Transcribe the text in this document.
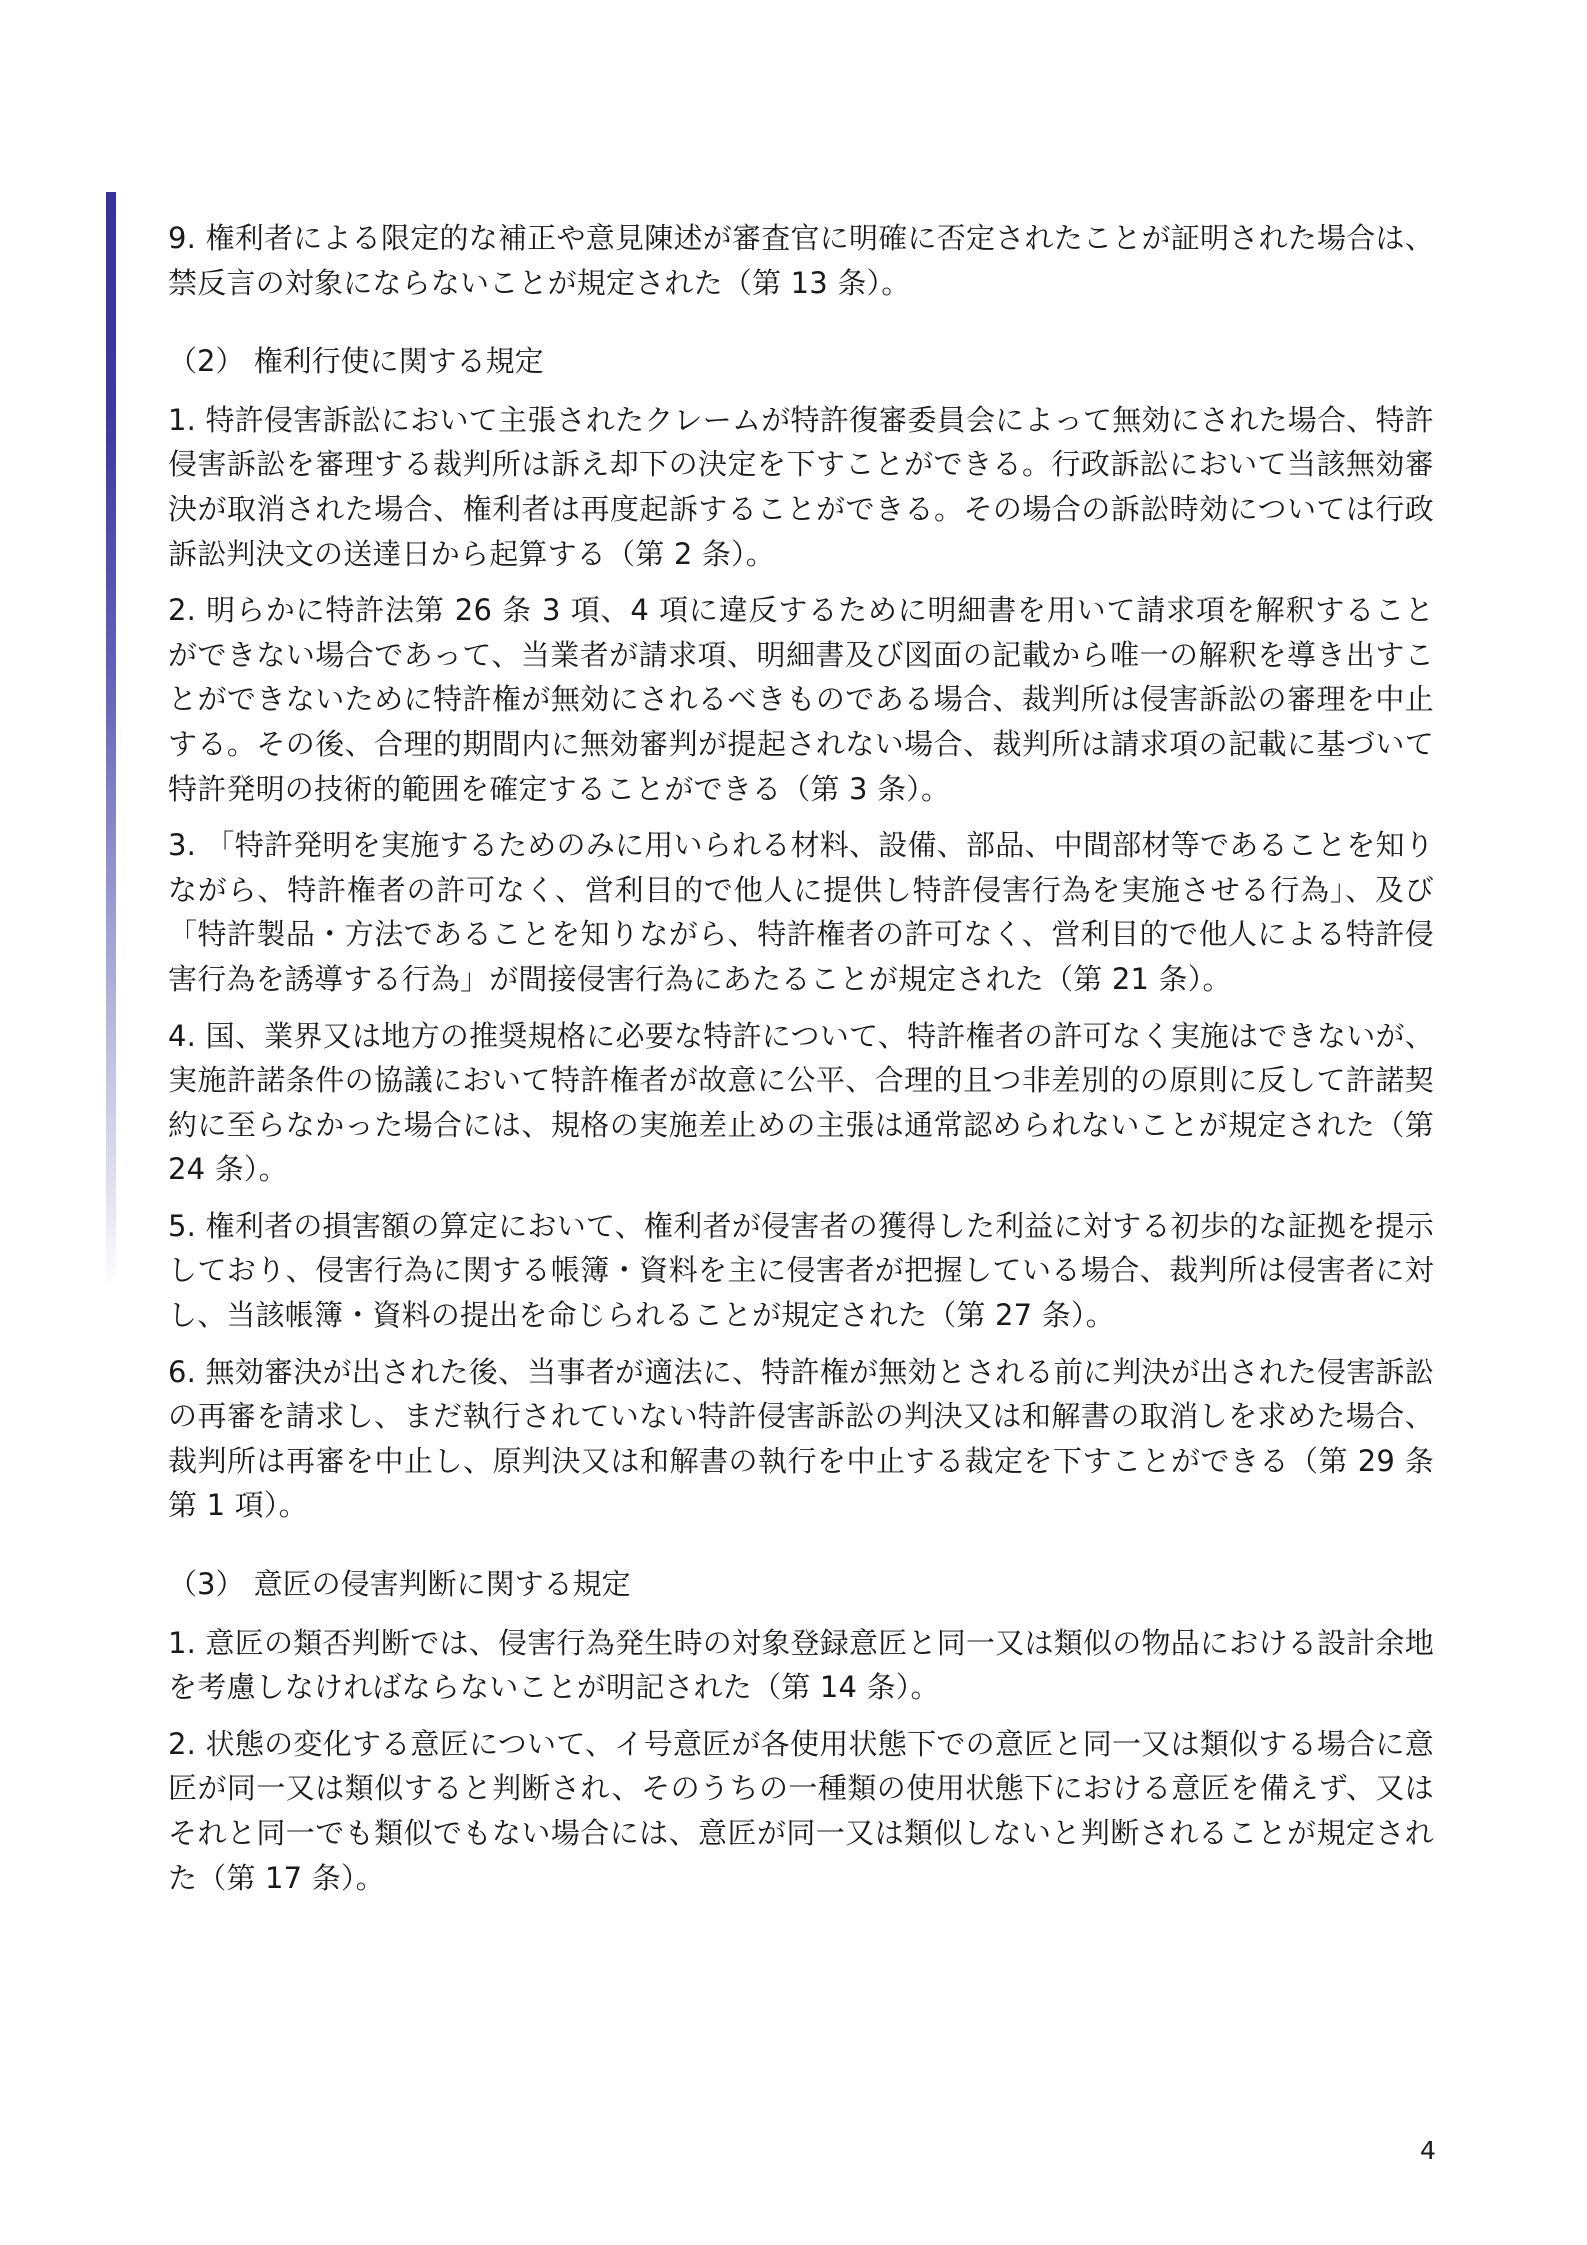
9. 権利者による限定的な補正や意見陳述が審査官に明確に否定されたことが証明された場合は、禁反言の対象にならないことが規定された（第 13 条）。

（2） 権利行使に関する規定

1. 特許侵害訴訟において主張されたクレームが特許復審委員会によって無効にされた場合、特許侵害訴訟を審理する裁判所は訴え却下の決定を下すことができる。行政訴訟において当該無効審決が取消された場合、権利者は再度起訴することができる。その場合の訴訟時効については行政訴訟判決文の送達日から起算する（第 2 条）。

2. 明らかに特許法第 26 条 3 項、4 項に違反するために明細書を用いて請求項を解釈することができない場合であって、当業者が請求項、明細書及び図面の記載から唯一の解釈を導き出すことができないために特許権が無効にされるべきものである場合、裁判所は侵害訴訟の審理を中止する。その後、合理的期間内に無効審判が提起されない場合、裁判所は請求項の記載に基づいて特許発明の技術的範囲を確定することができる（第 3 条）。

3. 「特許発明を実施するためのみに用いられる材料、設備、部品、中間部材等であることを知りながら、特許権者の許可なく、営利目的で他人に提供し特許侵害行為を実施させる行為」、及び「特許製品・方法であることを知りながら、特許権者の許可なく、営利目的で他人による特許侵害行為を誘導する行為」が間接侵害行為にあたることが規定された（第 21 条）。

4. 国、業界又は地方の推奨規格に必要な特許について、特許権者の許可なく実施はできないが、実施許諾条件の協議において特許権者が故意に公平、合理的且つ非差別的の原則に反して許諾契約に至らなかった場合には、規格の実施差止めの主張は通常認められないことが規定された（第 24 条）。

5. 権利者の損害額の算定において、権利者が侵害者の獲得した利益に対する初歩的な証拠を提示しており、侵害行為に関する帳簿・資料を主に侵害者が把握している場合、裁判所は侵害者に対し、当該帳簿・資料の提出を命じられることが規定された（第 27 条）。

6. 無効審決が出された後、当事者が適法に、特許権が無効とされる前に判決が出された侵害訴訟の再審を請求し、まだ執行されていない特許侵害訴訟の判決又は和解書の取消しを求めた場合、裁判所は再審を中止し、原判決又は和解書の執行を中止する裁定を下すことができる（第 29 条第 1 項）。

（3） 意匠の侵害判断に関する規定

1. 意匠の類否判断では、侵害行為発生時の対象登録意匠と同一又は類似の物品における設計余地を考慮しなければならないことが明記された（第 14 条）。

2. 状態の変化する意匠について、イ号意匠が各使用状態下での意匠と同一又は類似する場合に意匠が同一又は類似すると判断され、そのうちの一種類の使用状態下における意匠を備えず、又はそれと同一でも類似でもない場合には、意匠が同一又は類似しないと判断されることが規定された（第 17 条）。

4
